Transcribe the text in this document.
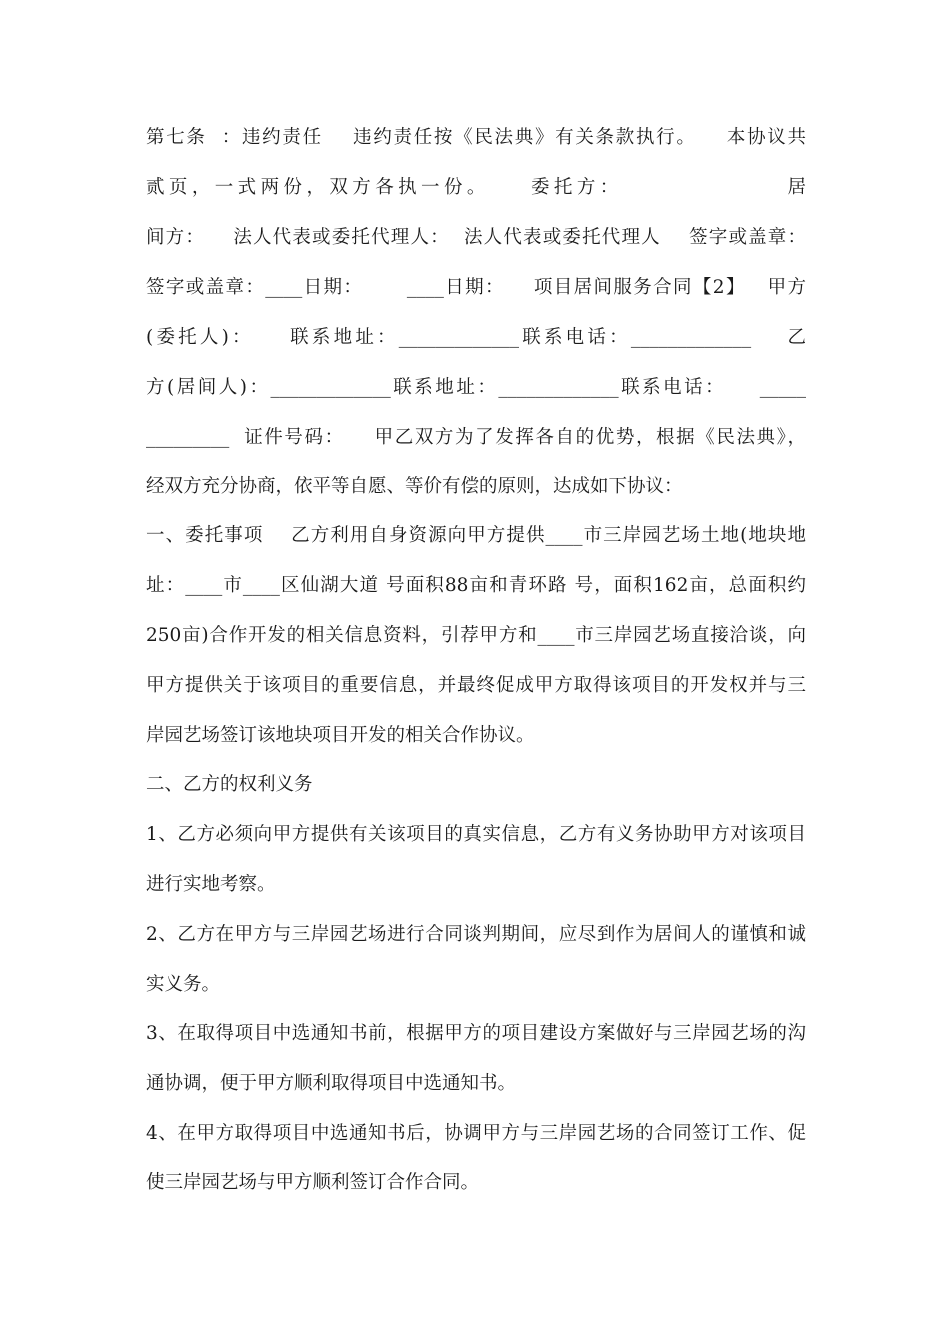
第七条  ：违约责任    违约责任按《民法典》有关条款执行。    本协议共
贰页，一式两份，双方各执一份。    委托方：                居
间方：    法人代表或委托代理人：  法人代表或委托代理人    签字或盖章：
签字或盖章：____日期：      ____日期：    项目居间服务合同【2】   甲方
(委托人)：    联系地址：_____________联系电话：_____________    乙
方(居间人)：_____________联系地址：_____________联系电话：    _____
_________  证件号码：    甲乙双方为了发挥各自的优势，根据《民法典》，
经双方充分协商，依平等自愿、等价有偿的原则，达成如下协议：
一、委托事项    乙方利用自身资源向甲方提供____市三岸园艺场土地(地块地
址：____市____区仙湖大道 号面积88亩和青环路 号，面积162亩，总面积约
250亩)合作开发的相关信息资料，引荐甲方和____市三岸园艺场直接洽谈，向
甲方提供关于该项目的重要信息，并最终促成甲方取得该项目的开发权并与三
岸园艺场签订该地块项目开发的相关合作协议。
二、乙方的权利义务
1、乙方必须向甲方提供有关该项目的真实信息，乙方有义务协助甲方对该项目
进行实地考察。
2、乙方在甲方与三岸园艺场进行合同谈判期间，应尽到作为居间人的谨慎和诚
实义务。
3、在取得项目中选通知书前，根据甲方的项目建设方案做好与三岸园艺场的沟
通协调，便于甲方顺利取得项目中选通知书。
4、在甲方取得项目中选通知书后，协调甲方与三岸园艺场的合同签订工作、促
使三岸园艺场与甲方顺利签订合作合同。
